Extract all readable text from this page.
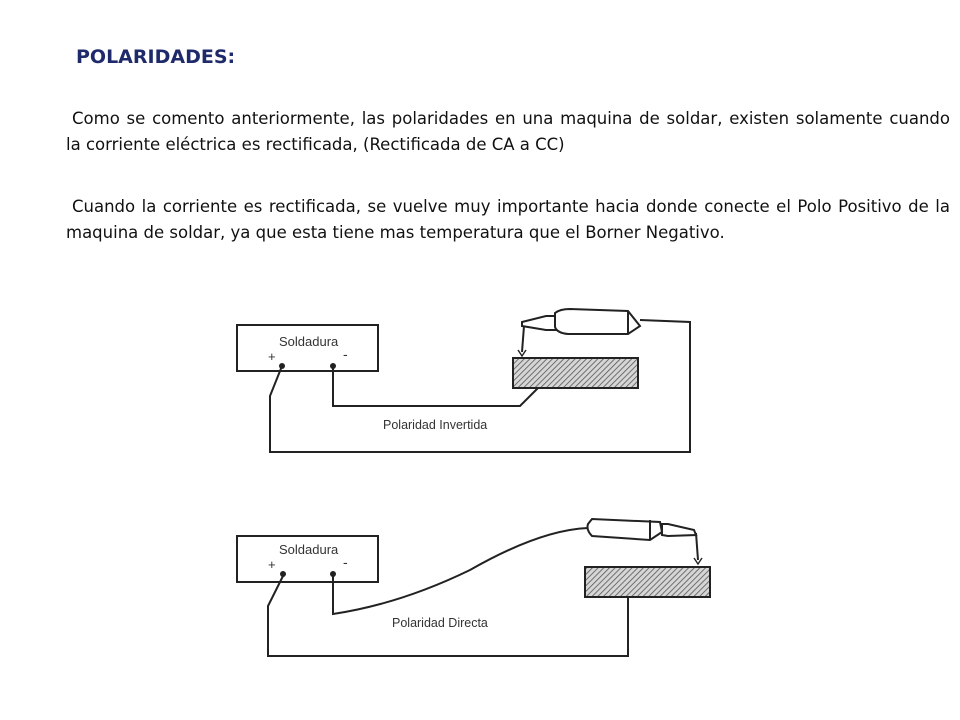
POLARIDADES:

Como se comento anteriormente, las polaridades en una maquina de soldar, existen solamente cuando la corriente eléctrica es rectificada, (Rectificada de CA a CC)

Cuando la corriente es rectificada, se vuelve muy importante hacia donde conecte el Polo Positivo de la maquina de soldar, ya que esta tiene mas temperatura que el Borner Negativo.

Soldadura
+	-
Polaridad Invertida
Soldadura
+	-
Polaridad Directa
